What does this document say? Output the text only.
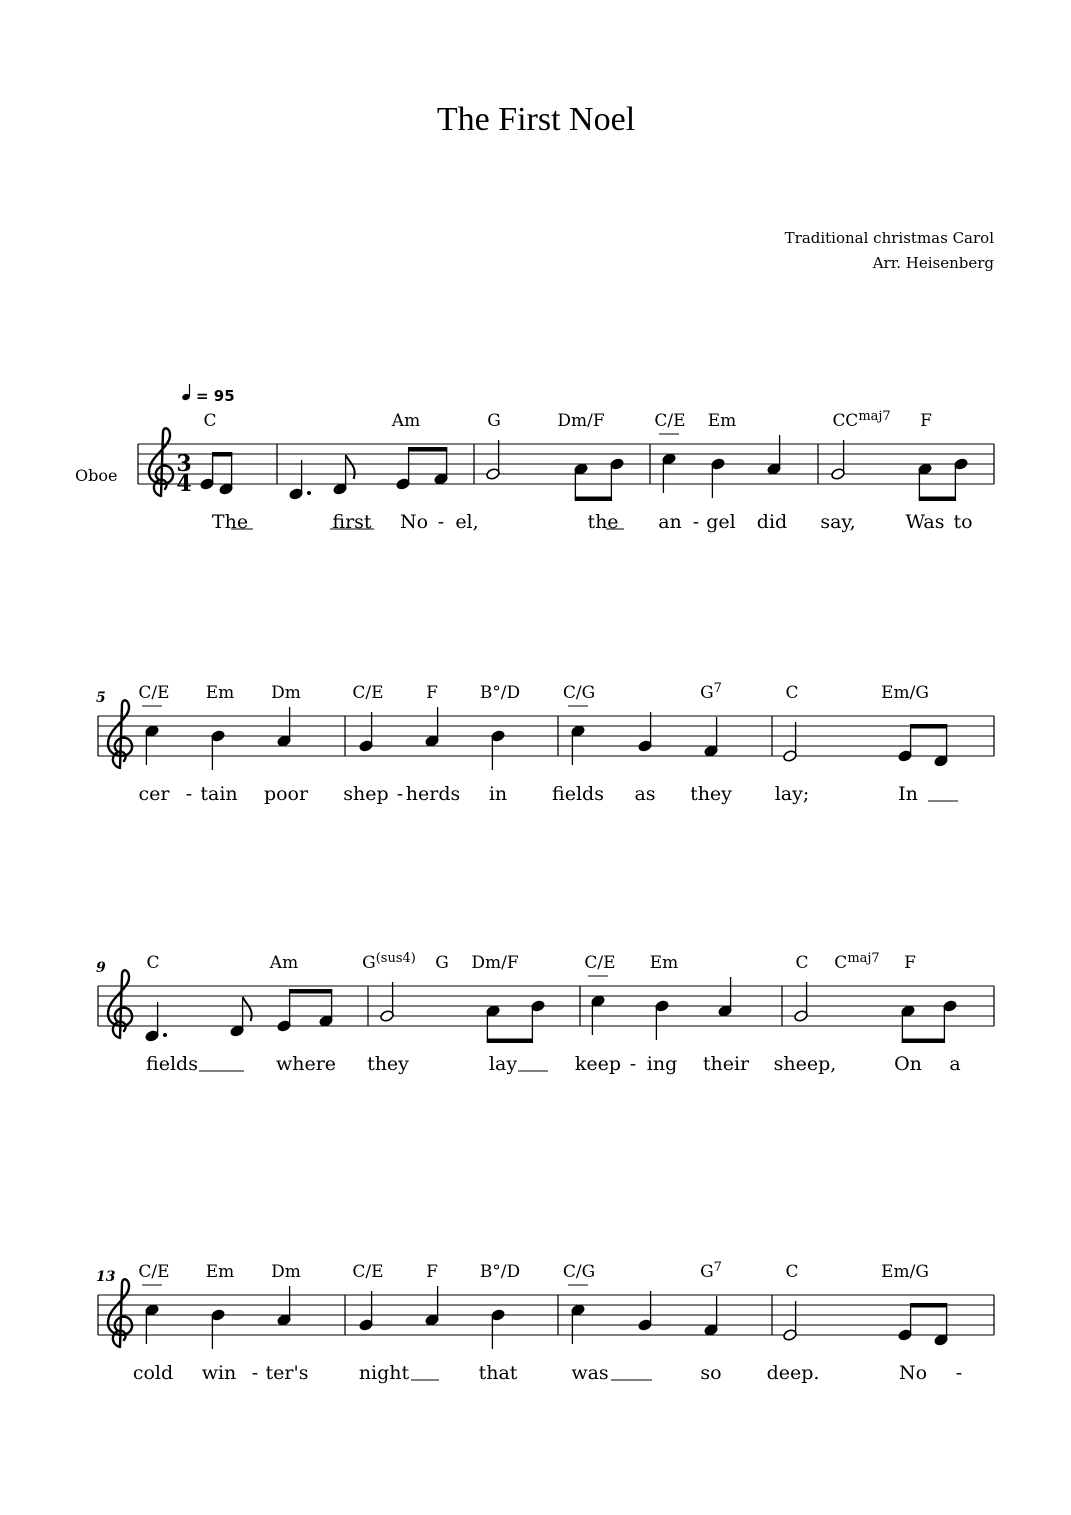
The First Noel
Traditional christmas Carol
Arr. Heisenberg
= 95
Oboe	3
4
C	Am	G	Dm/F	C/E Em	C $C^{maj7}$ F
The	first No - el,	the an - gel did say,	Was to
5 C/E Em Dm	C/E	F B°/D	C/G	$G^7$	C	Em/G
cer - tain poor shep - herds in fields as they lay;	In
9 C	Am	$G^{(sus4)}$ G Dm/F	C/E Em	C $C^{maj7}$ F
fields	where they	lay	keep - ing their sheep,	On a
13 C/E Em Dm	C/E	F B°/D	C/G	$G^7$	C	Em/G
cold win - ter's	night	that	was	so deep.	No -
